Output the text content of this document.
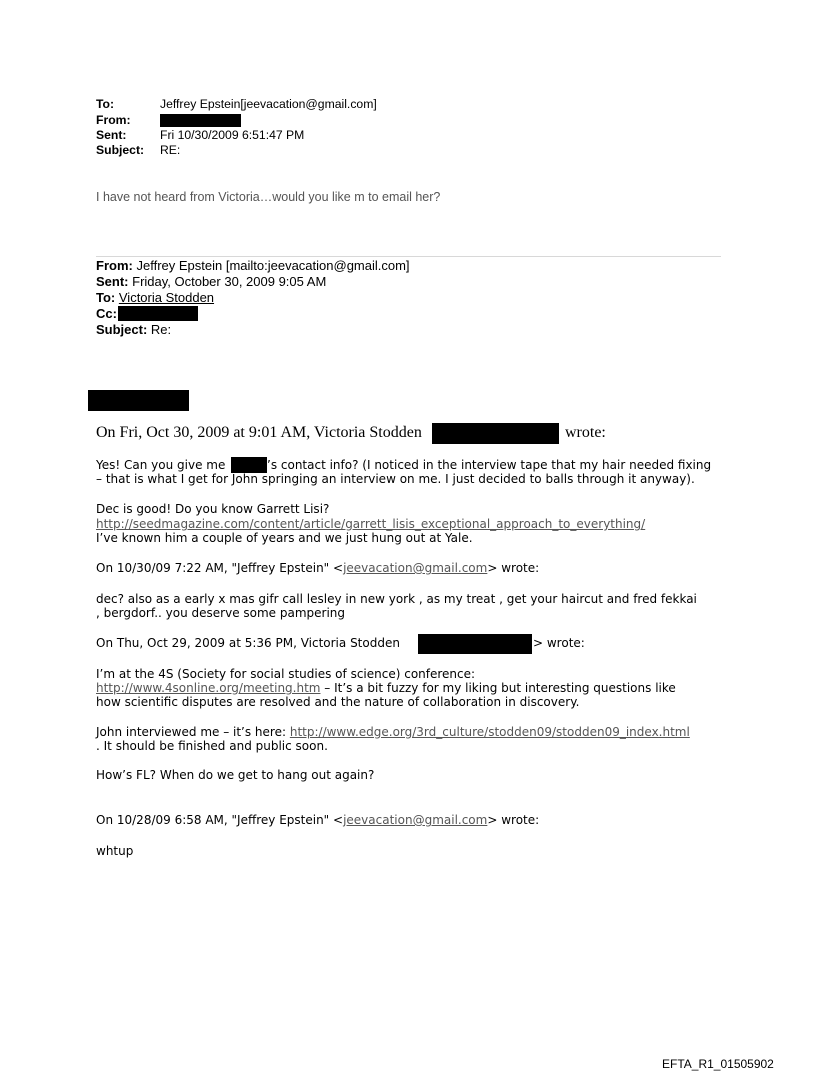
To:	Jeffrey Epstein[jeevacation@gmail.com]
From:
Sent:	Fri 10/30/2009 6:51:47 PM
Subject: RE:
I have not heard from Victoria…would you like m to email her?
From: Jeffrey Epstein [mailto:jeevacation@gmail.com]
Sent: Friday, October 30, 2009 9:05 AM
To: Victoria Stodden
Cc:
Subject: Re:
On Fri, Oct 30, 2009 at 9:01 AM, Victoria Stodden	wrote:
Yes! Can you give me	’s contact info? (I noticed in the interview tape that my hair needed fixing
– that is what I get for John springing an interview on me. I just decided to balls through it anyway).
Dec is good! Do you know Garrett Lisi?
http://seedmagazine.com/content/article/garrett_lisis_exceptional_approach_to_everything/
I’ve known him a couple of years and we just hung out at Yale.
On 10/30/09 7:22 AM, "Jeffrey Epstein" <jeevacation@gmail.com> wrote:
dec? also as a early x mas gifr call lesley in new york , as my treat , get your haircut and fred fekkai
, bergdorf.. you deserve some pampering
On Thu, Oct 29, 2009 at 5:36 PM, Victoria Stodden	> wrote:
I’m at the 4S (Society for social studies of science) conference:
http://www.4sonline.org/meeting.htm – It’s a bit fuzzy for my liking but interesting questions like
how scientific disputes are resolved and the nature of collaboration in discovery.
John interviewed me – it’s here: http://www.edge.org/3rd_culture/stodden09/stodden09_index.html
. It should be finished and public soon.
How’s FL? When do we get to hang out again?
On 10/28/09 6:58 AM, "Jeffrey Epstein" <jeevacation@gmail.com> wrote:
whtup
EFTA_R1_01505902
